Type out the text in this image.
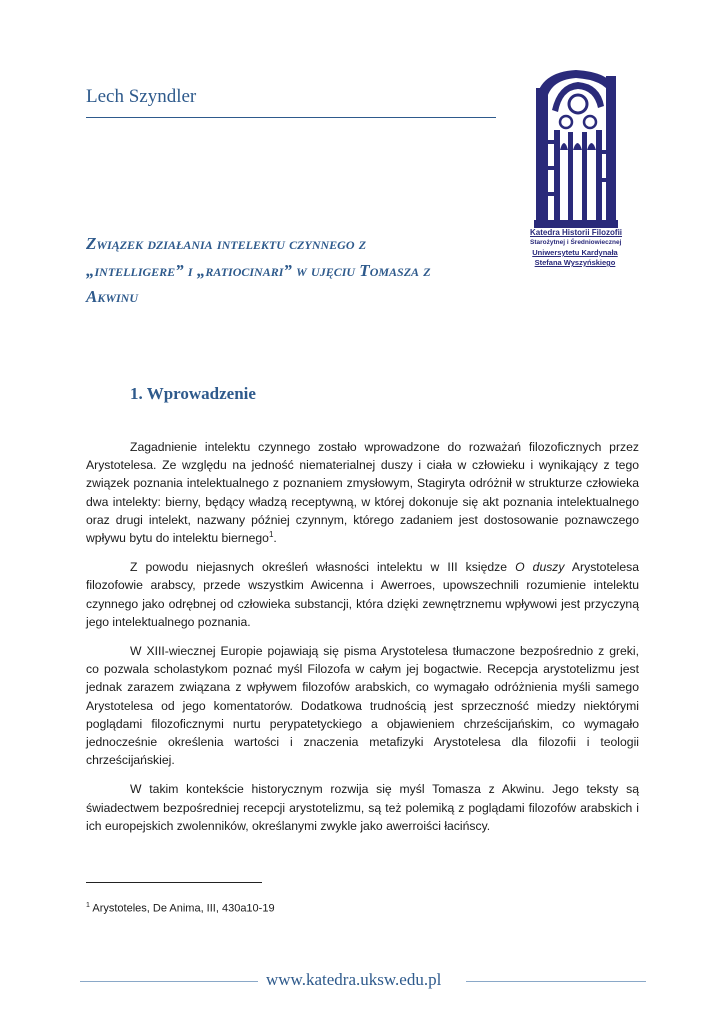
Lech Szyndler
Katedra Historii Filozofii
Starożytnej i Średniowiecznej
Uniwersytetu Kardynała
Stefana Wyszyńskiego
Związek działania intelektu czynnego z
„intelligere” i „ratiocinari” w ujęciu Tomasza z
Akwinu
1. Wprowadzenie

Zagadnienie intelektu czynnego zostało wprowadzone do rozważań filozoficznych przez Arystotelesa. Ze względu na jedność niematerialnej duszy i ciała w człowieku i wynikający z tego związek poznania intelektualnego z poznaniem zmysłowym, Stagiryta odróżnił w strukturze człowieka dwa intelekty: bierny, będący władzą receptywną, w której dokonuje się akt poznania intelektualnego oraz drugi intelekt, nazwany później czynnym, którego zadaniem jest dostosowanie poznawczego wpływu bytu do intelektu biernego$^1$.

Z powodu niejasnych określeń własności intelektu w III księdze O duszy Arystotelesa filozofowie arabscy, przede wszystkim Awicenna i Awerroes, upowszechnili rozumienie intelektu czynnego jako odrębnej od człowieka substancji, która dzięki zewnętrznemu wpływowi jest przyczyną jego intelektualnego poznania.

W XIII-wiecznej Europie pojawiają się pisma Arystotelesa tłumaczone bezpośrednio z greki, co pozwala scholastykom poznać myśl Filozofa w całym jej bogactwie. Recepcja arystotelizmu jest jednak zarazem związana z wpływem filozofów arabskich, co wymagało odróżnienia myśli samego Arystotelesa od jego komentatorów. Dodatkowa trudnością jest sprzeczność miedzy niektórymi poglądami filozoficznymi nurtu perypatetyckiego a objawieniem chrześcijańskim, co wymagało jednocześnie określenia wartości i znaczenia metafizyki Arystotelesa dla filozofii i teologii chrześcijańskiej.

W takim kontekście historycznym rozwija się myśl Tomasza z Akwinu. Jego teksty są świadectwem bezpośredniej recepcji arystotelizmu, są też polemiką z poglądami filozofów arabskich i ich europejskich zwolenników, określanymi zwykle jako awerroiści łacińscy.

$^1$ Arystoteles, De Anima, III, 430a10-19
www.katedra.uksw.edu.pl
